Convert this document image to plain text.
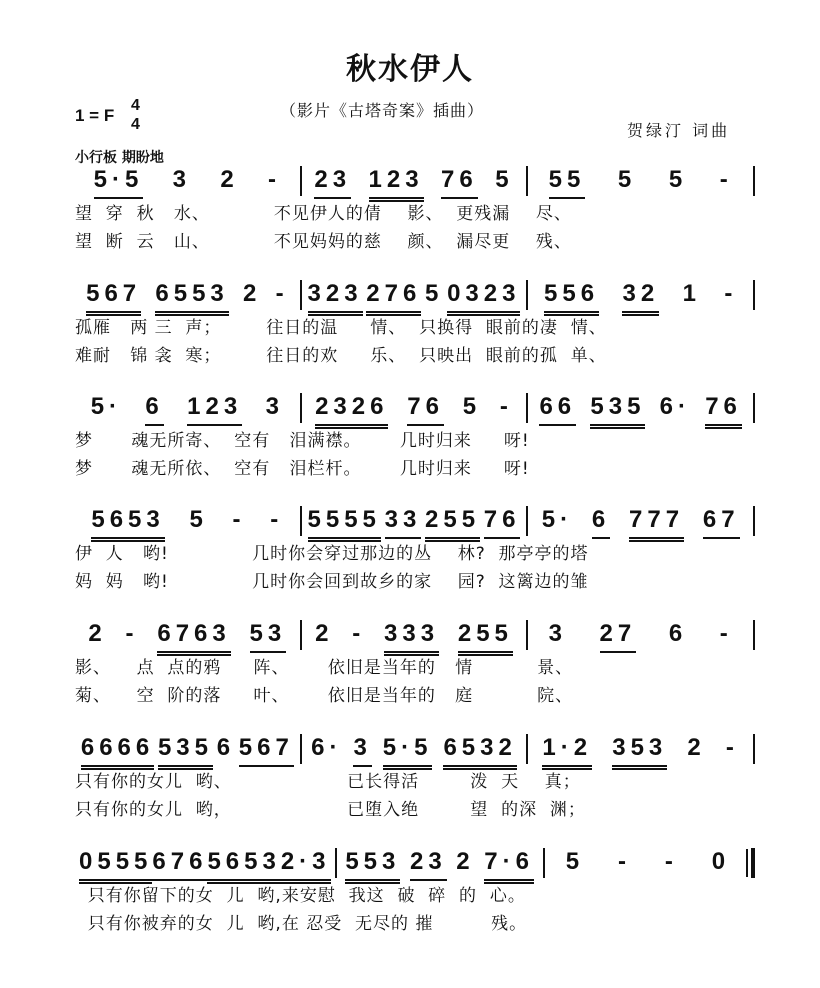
秋水伊人
（影片《古塔奇案》插曲）
1 = F
4
4	贺绿汀 词曲
小行板 期盼地
5·5 3 2 - 23 123 76 5 55 5 5 -
望  穿  秋   水、          不见伊人的倩    影、  更残漏    尽、
望  断  云   山、          不见妈妈的慈    颜、  漏尽更    残、
567 6553 2 - 323 276 5 0323 556 32 1 -
孤雁   两 三  声；       往日的温     情、  只换得  眼前的凄  情、
难耐   锦 衾  寒；       往日的欢     乐、  只映出  眼前的孤  单、
5· 6 123 3 2326 76 5 - 66 535 6· 76
梦      魂无所寄、  空有   泪满襟。      几时归来     呀!
梦      魂无所依、  空有   泪栏杆。      几时归来     呀!
5653 5 - - 5555 33 255 76 5· 6 777 67
伊  人   哟!             几时你会穿过那边的丛    林?  那亭亭的塔
妈  妈   哟!             几时你会回到故乡的家    园?  这篱边的雏
2 - 6763 53 2 - 333 255 3 27 6 -
影、    点  点的鸦     阵、      依旧是当年的   情          景、
菊、    空  阶的落     叶、      依旧是当年的   庭          院、
6666 535 6 567 6· 3 5·5 6532 1·2 353 2 -
只有你的女儿  哟、                  已长得活        泼  天    真；
只有你的女儿  哟，                  已堕入绝        望  的深  渊；
0555 676 5653 2·3 553 23 2 7·6 5 - - 0
只有你留下的女  儿  哟,来安慰  我这  破  碎  的  心。
只有你被弃的女  儿  哟,在 忍受  无尽的 摧         残。
